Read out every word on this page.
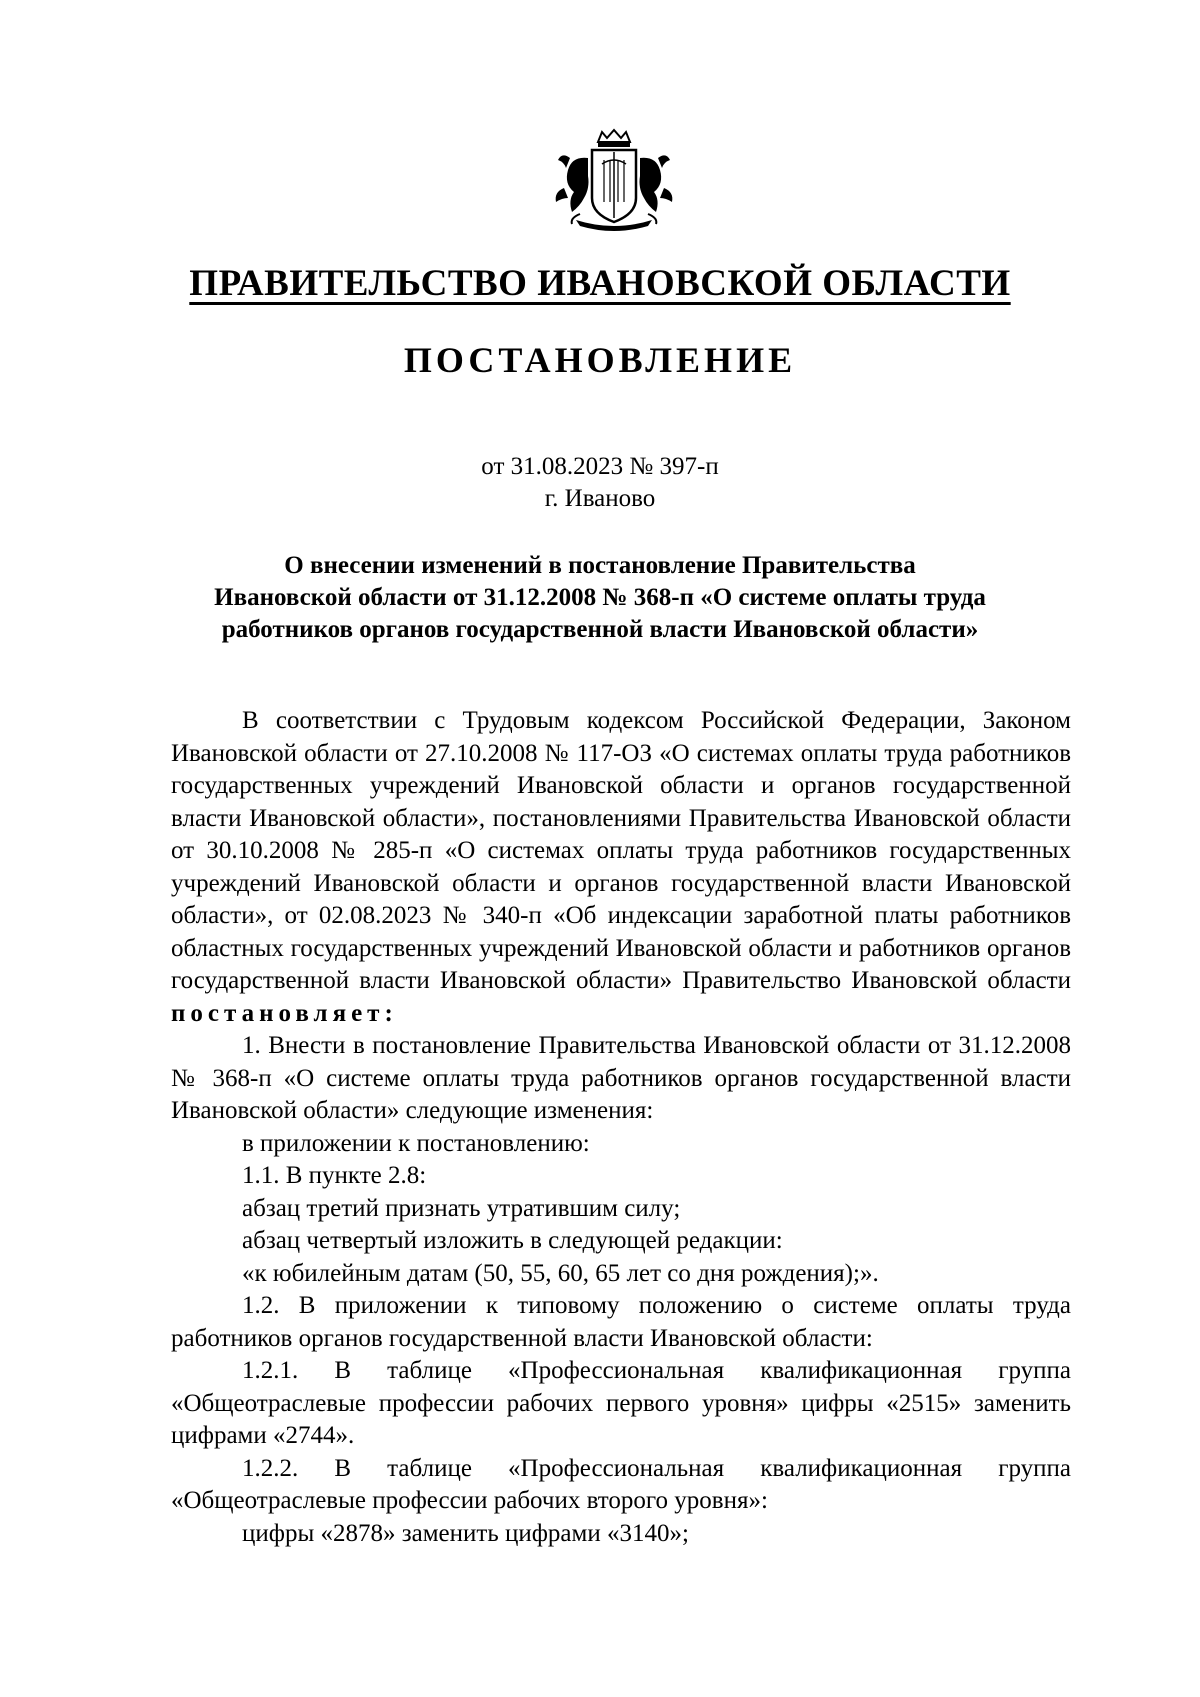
ПРАВИТЕЛЬСТВО ИВАНОВСКОЙ ОБЛАСТИ
ПОСТАНОВЛЕНИЕ
от 31.08.2023 № 397-п
г. Иваново
О внесении изменений в постановление Правительства
Ивановской области от 31.12.2008 № 368-п «О системе оплаты труда
работников органов государственной власти Ивановской области»

В соответствии с Трудовым кодексом Российской Федерации, Законом Ивановской области от 27.10.2008 № 117-ОЗ «О системах оплаты труда работников государственных учреждений Ивановской области и органов государственной власти Ивановской области», постановлениями Правительства Ивановской области от 30.10.2008 № 285-п «О системах оплаты труда работников государственных учреждений Ивановской области и органов государственной власти Ивановской области», от 02.08.2023 № 340-п «Об индексации заработной платы работников областных государственных учреждений Ивановской области и работников органов государственной власти Ивановской области» Правительство Ивановской области постановляет:

1. Внести в постановление Правительства Ивановской области от 31.12.2008 № 368-п «О системе оплаты труда работников органов государственной власти Ивановской области» следующие изменения:

в приложении к постановлению:

1.1. В пункте 2.8:

абзац третий признать утратившим силу;

абзац четвертый изложить в следующей редакции:

«к юбилейным датам (50, 55, 60, 65 лет со дня рождения);».

1.2. В приложении к типовому положению о системе оплаты труда работников органов государственной власти Ивановской области:

1.2.1. В таблице «Профессиональная квалификационная группа «Общеотраслевые профессии рабочих первого уровня» цифры «2515» заменить цифрами «2744».

1.2.2. В таблице «Профессиональная квалификационная группа «Общеотраслевые профессии рабочих второго уровня»:

цифры «2878» заменить цифрами «3140»;
